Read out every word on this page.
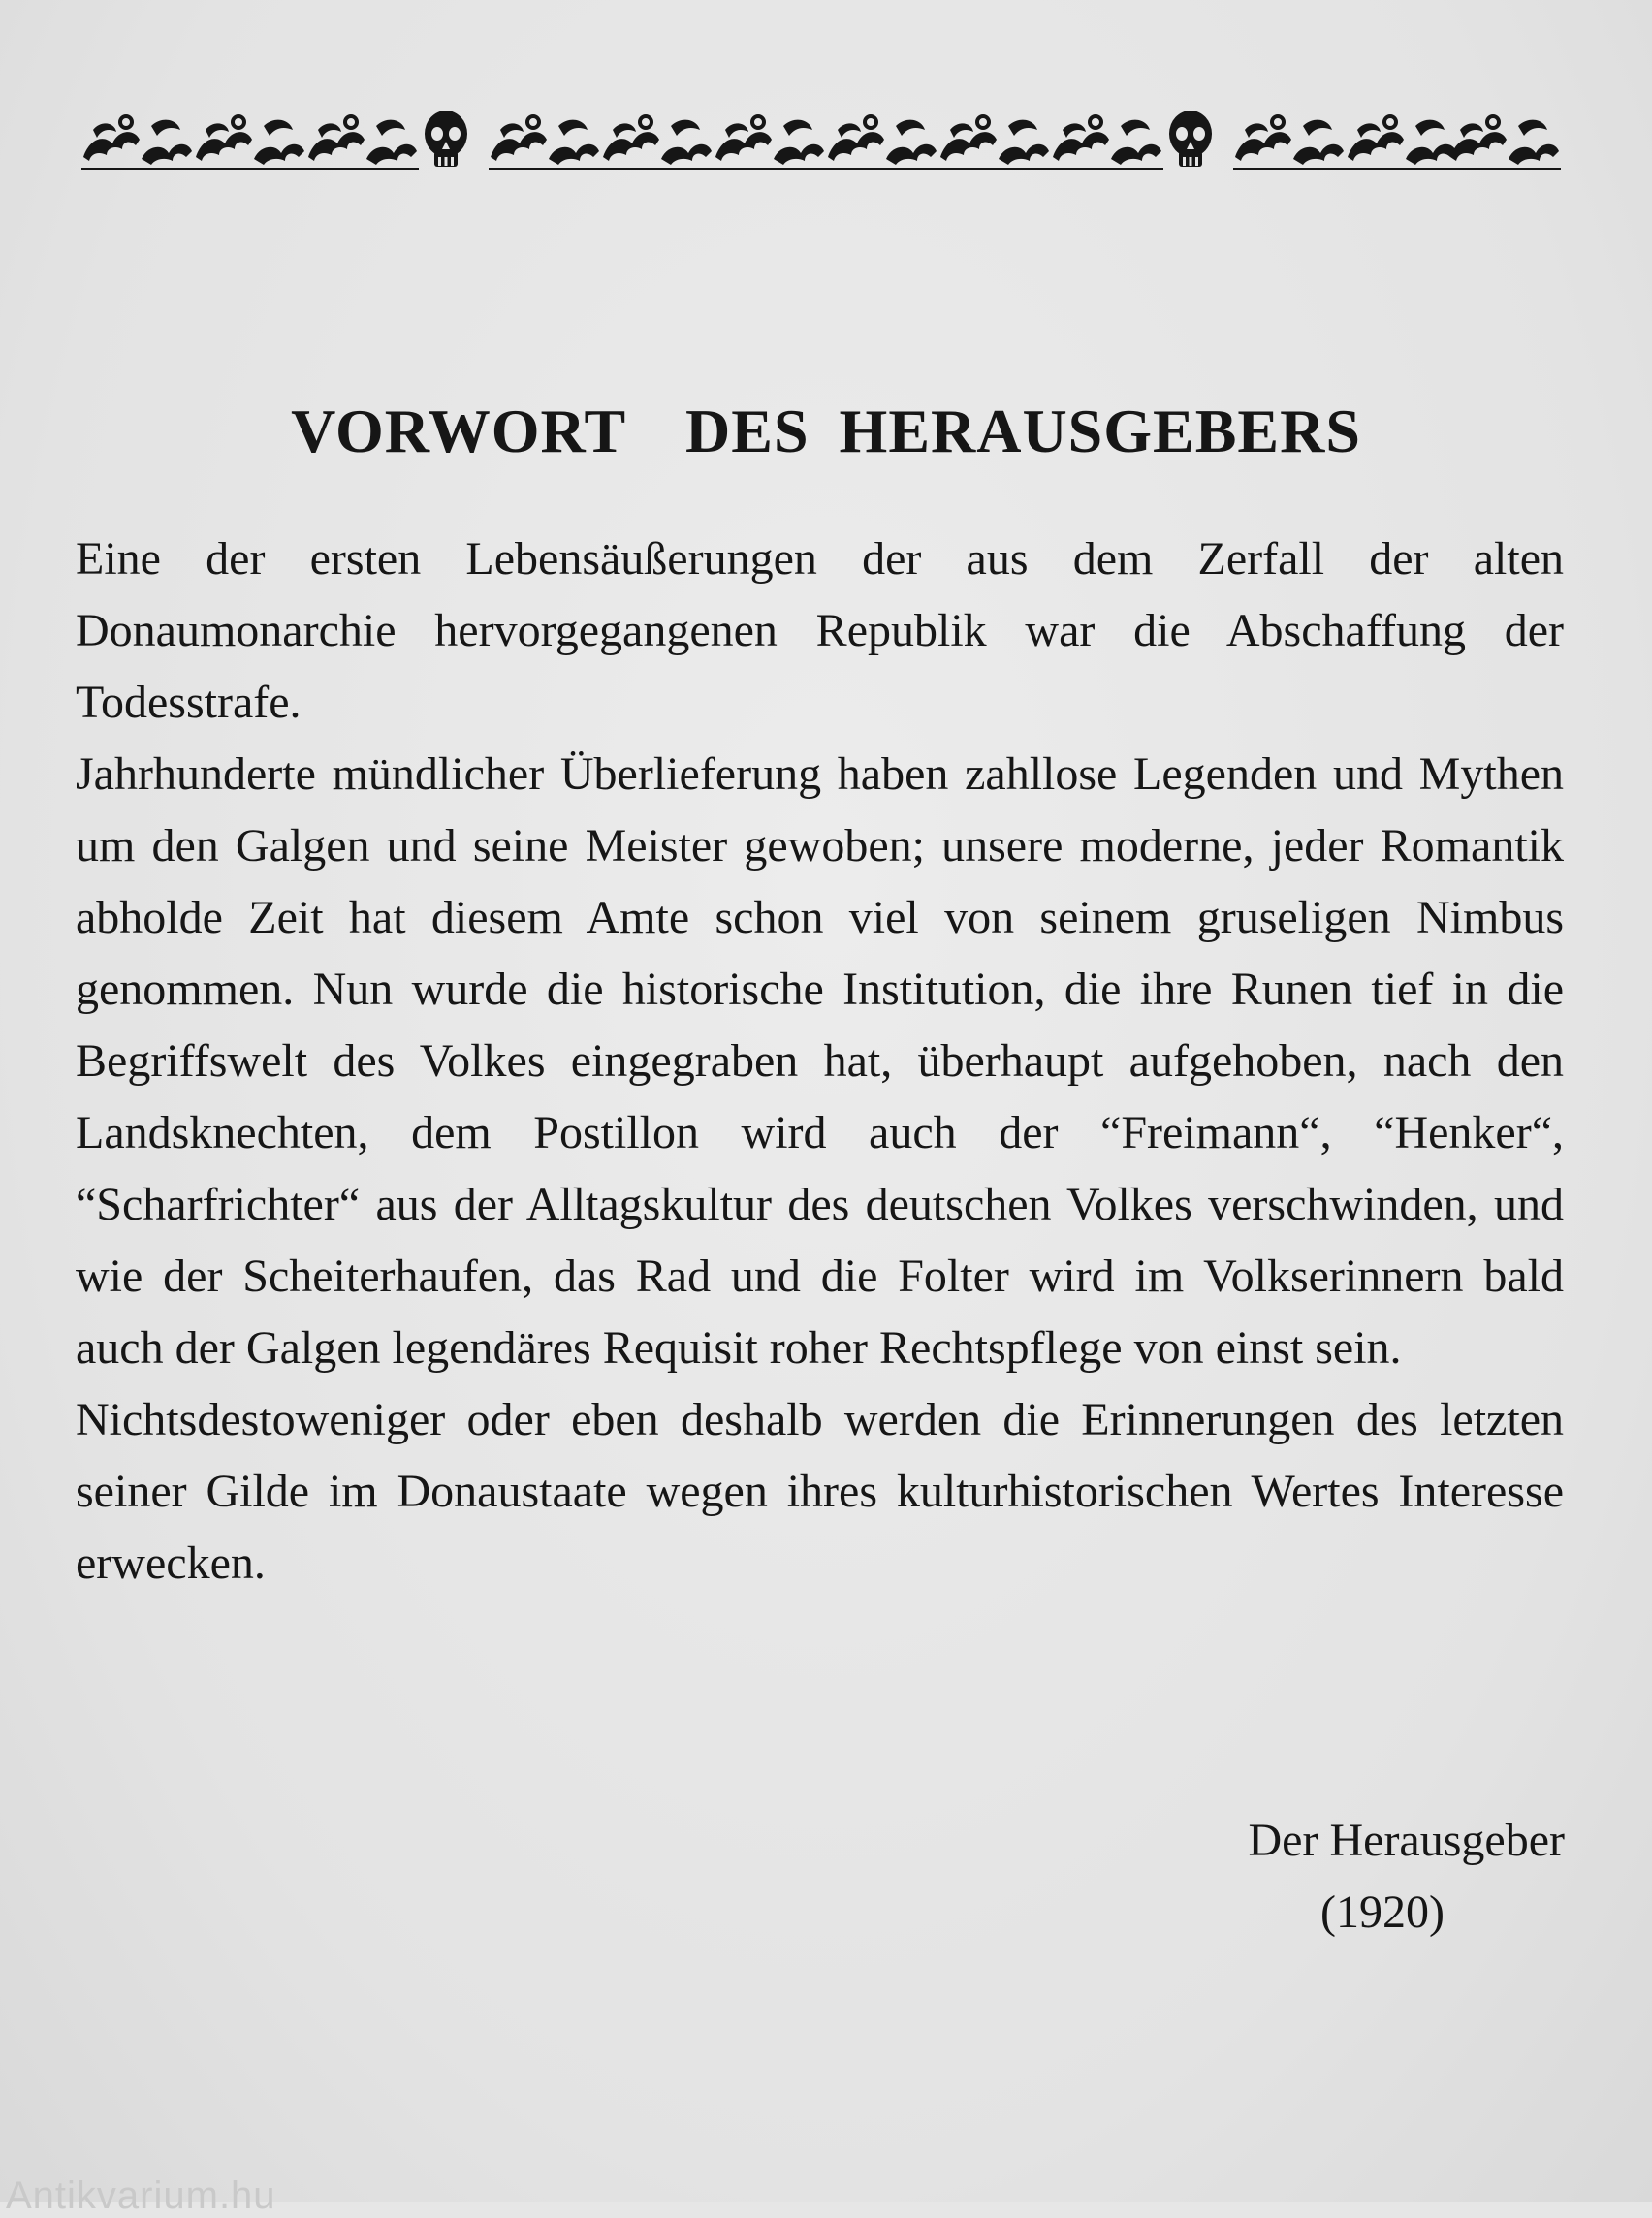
VORWORT  DES HERAUSGEBERS

Eine der ersten Lebensäußerungen der aus dem Zerfall der alten Donaumonarchie hervorgegangenen Republik war die Abschaffung der Todesstrafe.

Jahrhunderte mündlicher Überlieferung haben zahllose Legenden und Mythen um den Galgen und seine Meister gewoben; unsere moderne, jeder Romantik abholde Zeit hat diesem Amte schon viel von seinem gruseligen Nimbus genommen. Nun wurde die historische Institution, die ihre Runen tief in die Begriffswelt des Volkes eingegraben hat, überhaupt aufgehoben, nach den Landsknechten, dem Postillon wird auch der “Freimann“, “Henker“, “Scharfrichter“ aus der Alltagskultur des deutschen Volkes verschwinden, und wie der Scheiterhaufen, das Rad und die Folter wird im Volkserinnern bald auch der Galgen legendäres Requisit roher Rechtspflege von einst sein.

Nichtsdestoweniger oder eben deshalb werden die Erinnerungen des letzten seiner Gilde im Donaustaate wegen ihres kulturhistorischen Wertes Interesse erwecken.

Der Herausgeber
(1920)
Antikvarium.hu
